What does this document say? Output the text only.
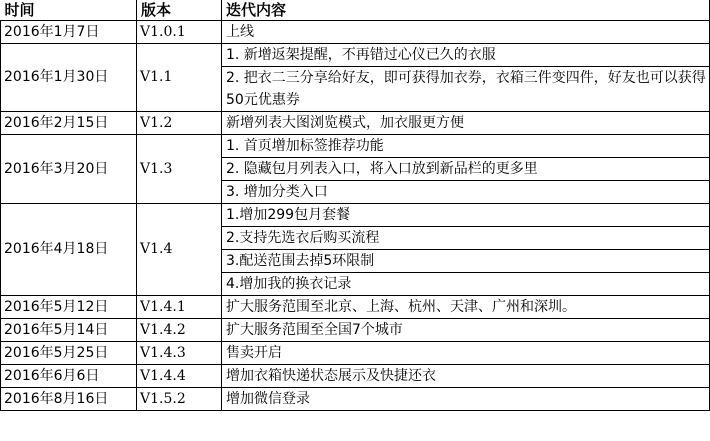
时间	版本	迭代内容
2016年1月7日	V1.0.1	上线
2016年1月30日	V1.1	1. 新增返架提醒，不再错过心仪已久的衣服
		2. 把衣二三分享给好友，即可获得加衣券，衣箱三件变四件，好友也可以获得50元优惠券
2016年2月15日	V1.2	新增列表大图浏览模式，加衣服更方便
2016年3月20日	V1.3	1. 首页增加标签推荐功能
		2. 隐藏包月列表入口，将入口放到新品栏的更多里
		3. 增加分类入口
2016年4月18日	V1.4	1.增加299包月套餐
		2.支持先选衣后购买流程
		3.配送范围去掉5环限制
		4.增加我的换衣记录
2016年5月12日	V1.4.1	扩大服务范围至北京、上海、杭州、天津、广州和深圳。
2016年5月14日	V1.4.2	扩大服务范围至全国7个城市
2016年5月25日	V1.4.3	售卖开启
2016年6月6日	V1.4.4	增加衣箱快递状态展示及快捷还衣
2016年8月16日	V1.5.2	增加微信登录
